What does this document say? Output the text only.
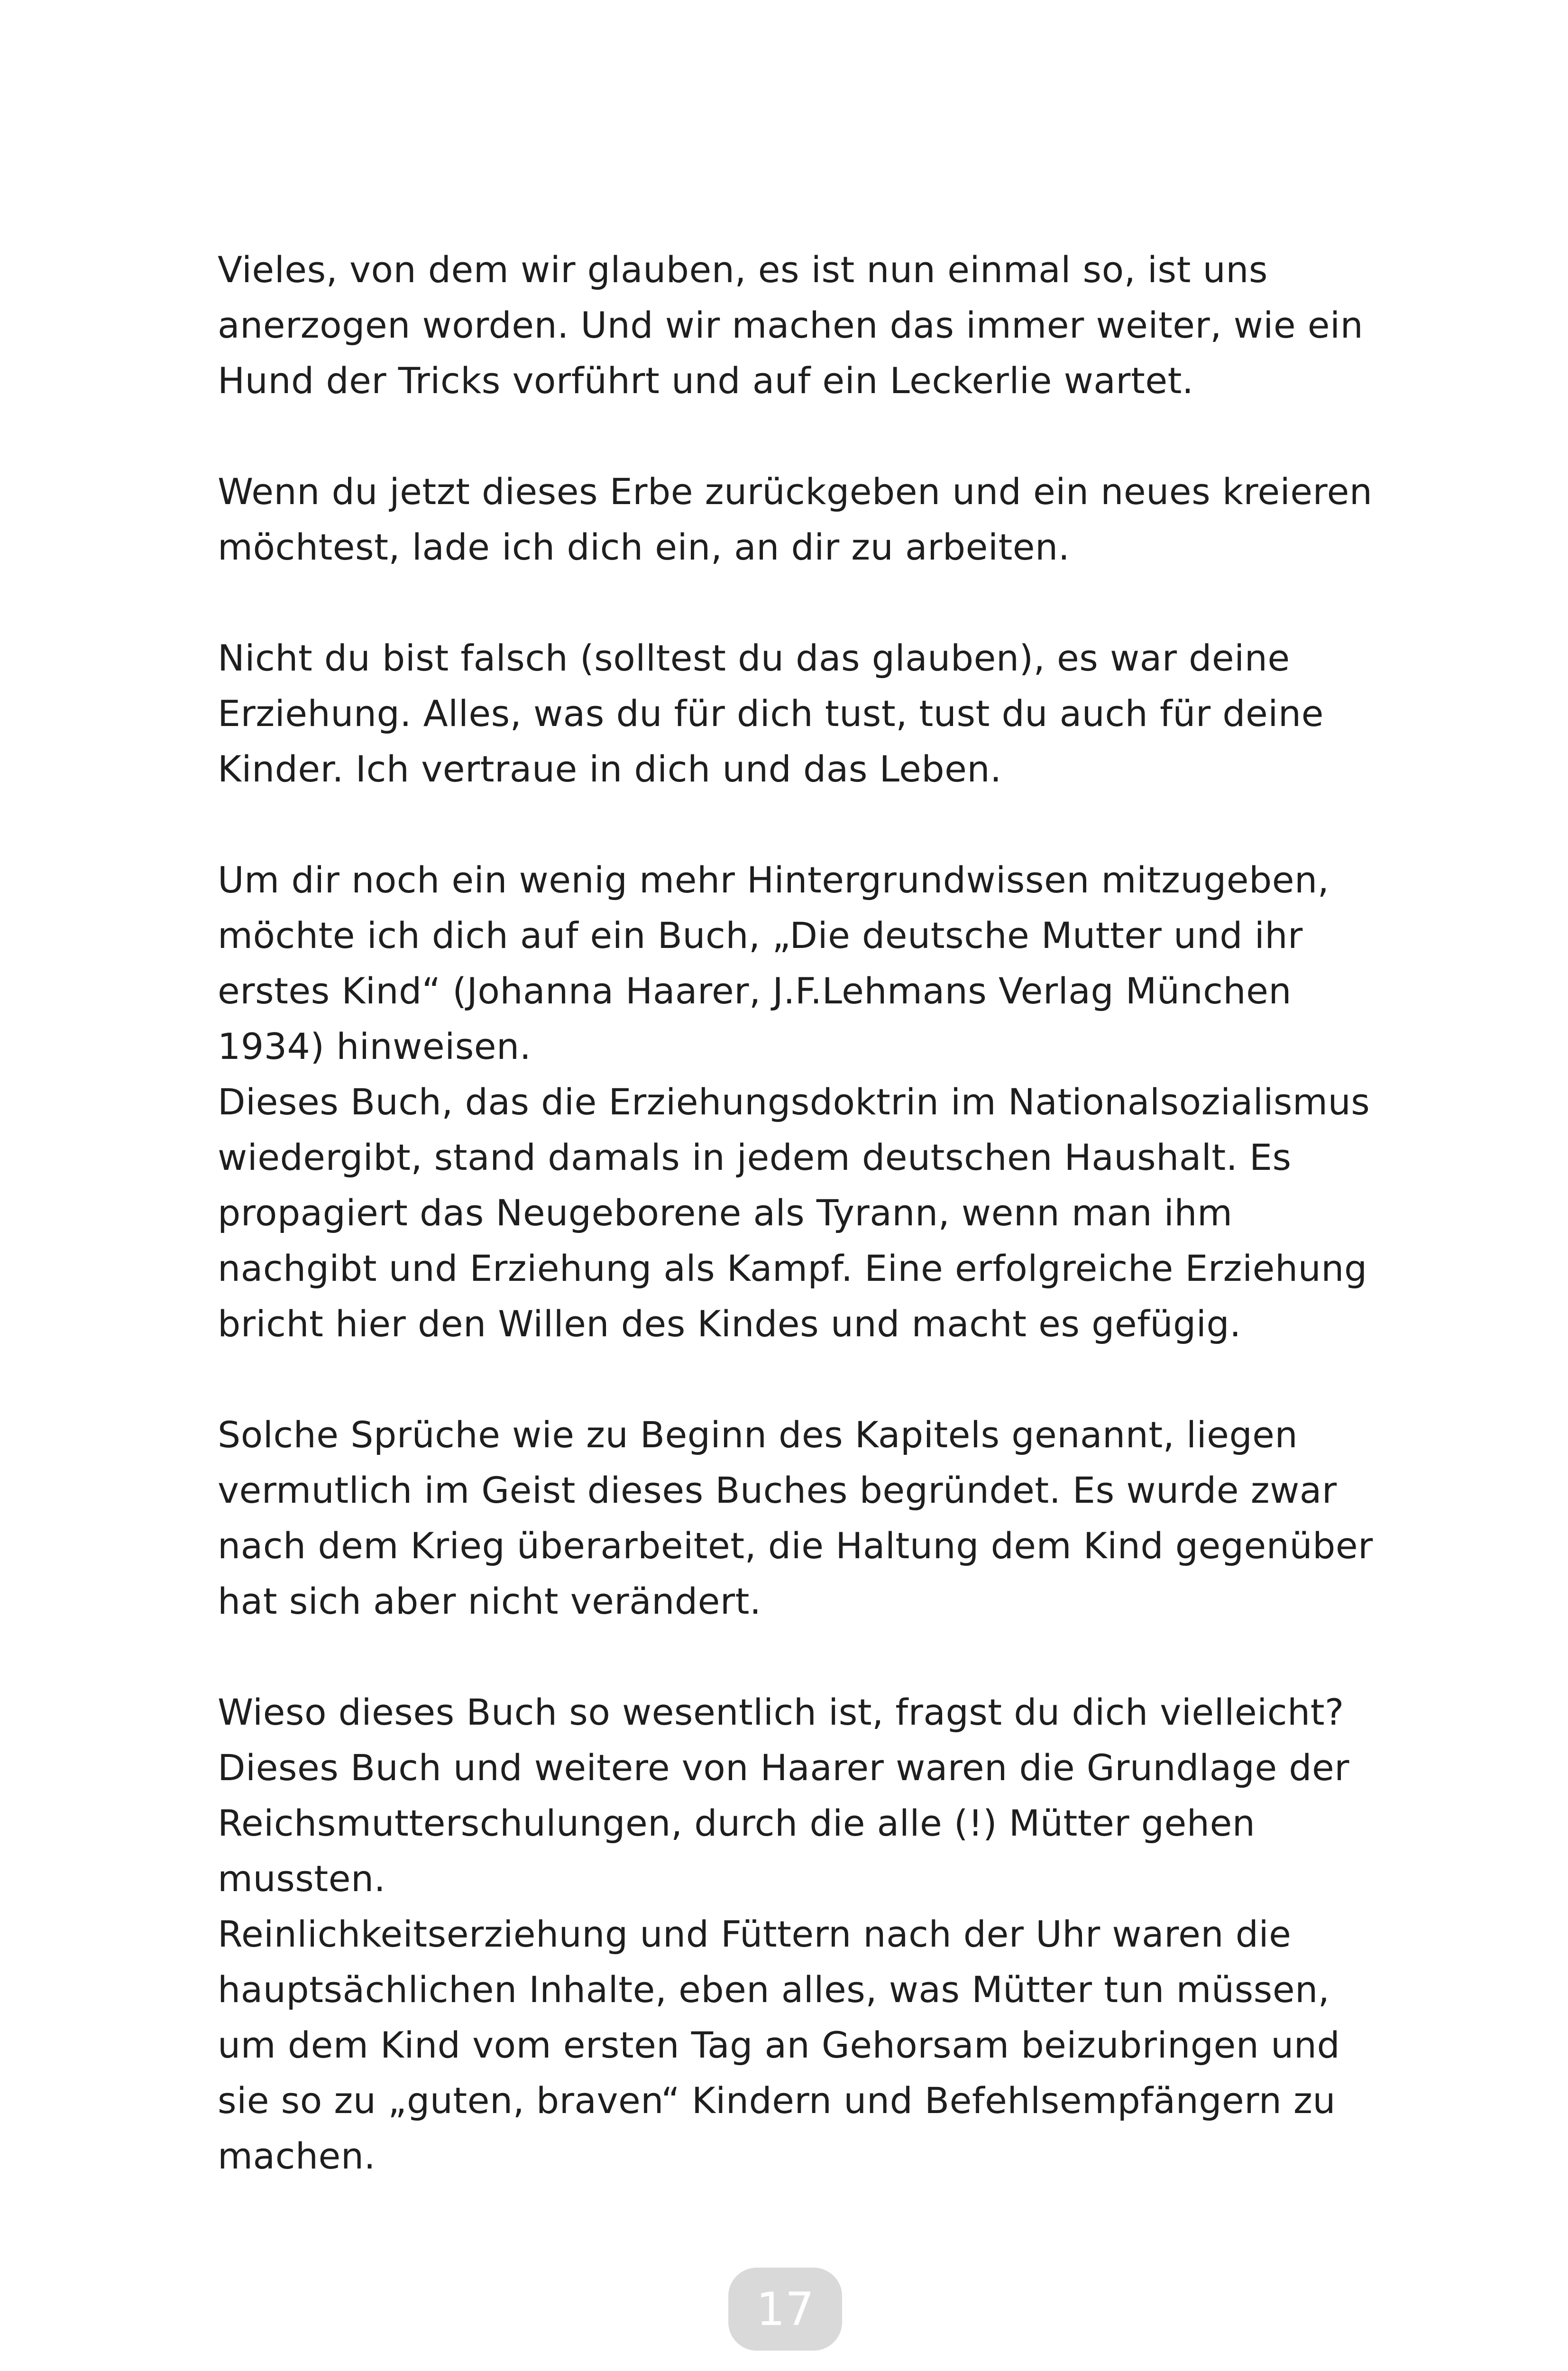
Vieles, von dem wir glauben, es ist nun einmal so, ist uns
anerzogen worden. Und wir machen das immer weiter, wie ein
Hund der Tricks vorführt und auf ein Leckerlie wartet.
Wenn du jetzt dieses Erbe zurückgeben und ein neues kreieren
möchtest, lade ich dich ein, an dir zu arbeiten.
Nicht du bist falsch (solltest du das glauben), es war deine
Erziehung. Alles, was du für dich tust, tust du auch für deine
Kinder. Ich vertraue in dich und das Leben.
Um dir noch ein wenig mehr Hintergrundwissen mitzugeben,
möchte ich dich auf ein Buch, „Die deutsche Mutter und ihr
erstes Kind“ (Johanna Haarer, J.F.Lehmans Verlag München
1934) hinweisen.
Dieses Buch, das die Erziehungsdoktrin im Nationalsozialismus
wiedergibt, stand damals in jedem deutschen Haushalt. Es
propagiert das Neugeborene als Tyrann, wenn man ihm
nachgibt und Erziehung als Kampf. Eine erfolgreiche Erziehung
bricht hier den Willen des Kindes und macht es gefügig.
Solche Sprüche wie zu Beginn des Kapitels genannt, liegen
vermutlich im Geist dieses Buches begründet. Es wurde zwar
nach dem Krieg überarbeitet, die Haltung dem Kind gegenüber
hat sich aber nicht verändert.
Wieso dieses Buch so wesentlich ist, fragst du dich vielleicht?
Dieses Buch und weitere von Haarer waren die Grundlage der
Reichsmutterschulungen, durch die alle (!) Mütter gehen
mussten.
Reinlichkeitserziehung und Füttern nach der Uhr waren die
hauptsächlichen Inhalte, eben alles, was Mütter tun müssen,
um dem Kind vom ersten Tag an Gehorsam beizubringen und
sie so zu „guten, braven“ Kindern und Befehlsempfängern zu
machen.
17
